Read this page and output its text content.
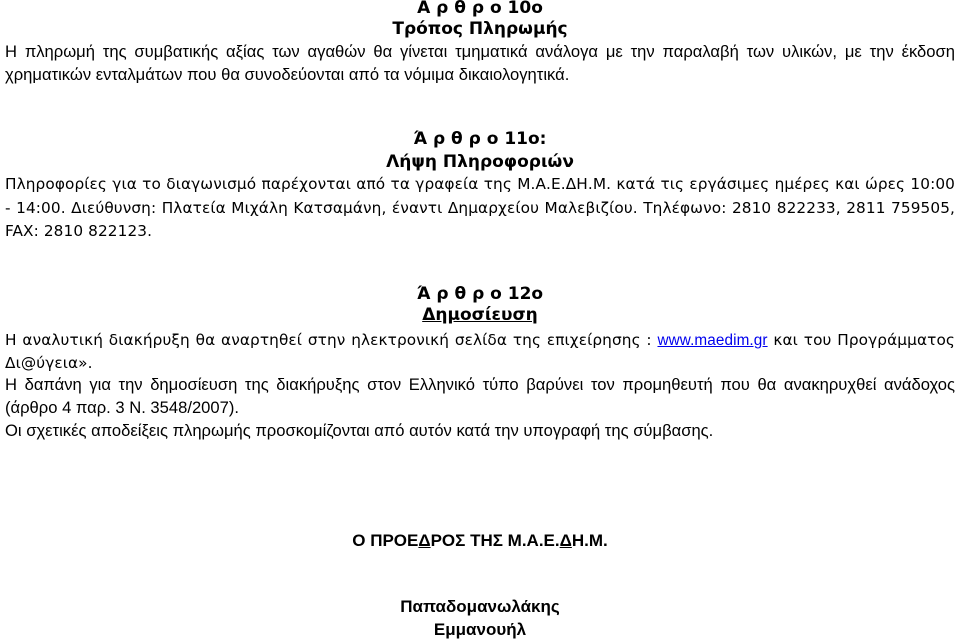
Α ρ θ ρ ο 10ο
Τρόπος Πληρωμής
Η πληρωμή της συμβατικής αξίας των αγαθών θα γίνεται τμηματικά ανάλογα με την παραλαβή των υλικών, με την έκδοση χρηματικών ενταλμάτων που θα συνοδεύονται από τα νόμιμα δικαιολογητικά.
Ά ρ θ ρ ο 11ο:
Λήψη Πληροφοριών
Πληροφορίες για το διαγωνισμό παρέχονται από τα γραφεία της Μ.Α.Ε.ΔΗ.Μ. κατά τις εργάσιμες ημέρες και ώρες 10:00 - 14:00. Διεύθυνση: Πλατεία Μιχάλη Κατσαμάνη, έναντι Δημαρχείου Μαλεβιζίου. Τηλέφωνο: 2810 822233, 2811 759505, FAX: 2810 822123.
Ά ρ θ ρ ο 12ο
Δημοσίευση
Η αναλυτική διακήρυξη θα αναρτηθεί στην ηλεκτρονική σελίδα της επιχείρησης : www.maedim.gr και του Προγράμματος Δι@ύγεια».
Η δαπάνη για την δημοσίευση της διακήρυξης στον Ελληνικό τύπο βαρύνει τον προμηθευτή που θα ανακηρυχθεί ανάδοχος (άρθρο 4 παρ. 3 Ν. 3548/2007).
Οι σχετικές αποδείξεις πληρωμής προσκομίζονται από αυτόν κατά την υπογραφή της σύμβασης.
Ο ΠΡΟΕΔΡΟΣ ΤΗΣ Μ.Α.Ε.ΔΗ.Μ.
Παπαδομανωλάκης
Εμμανουήλ
